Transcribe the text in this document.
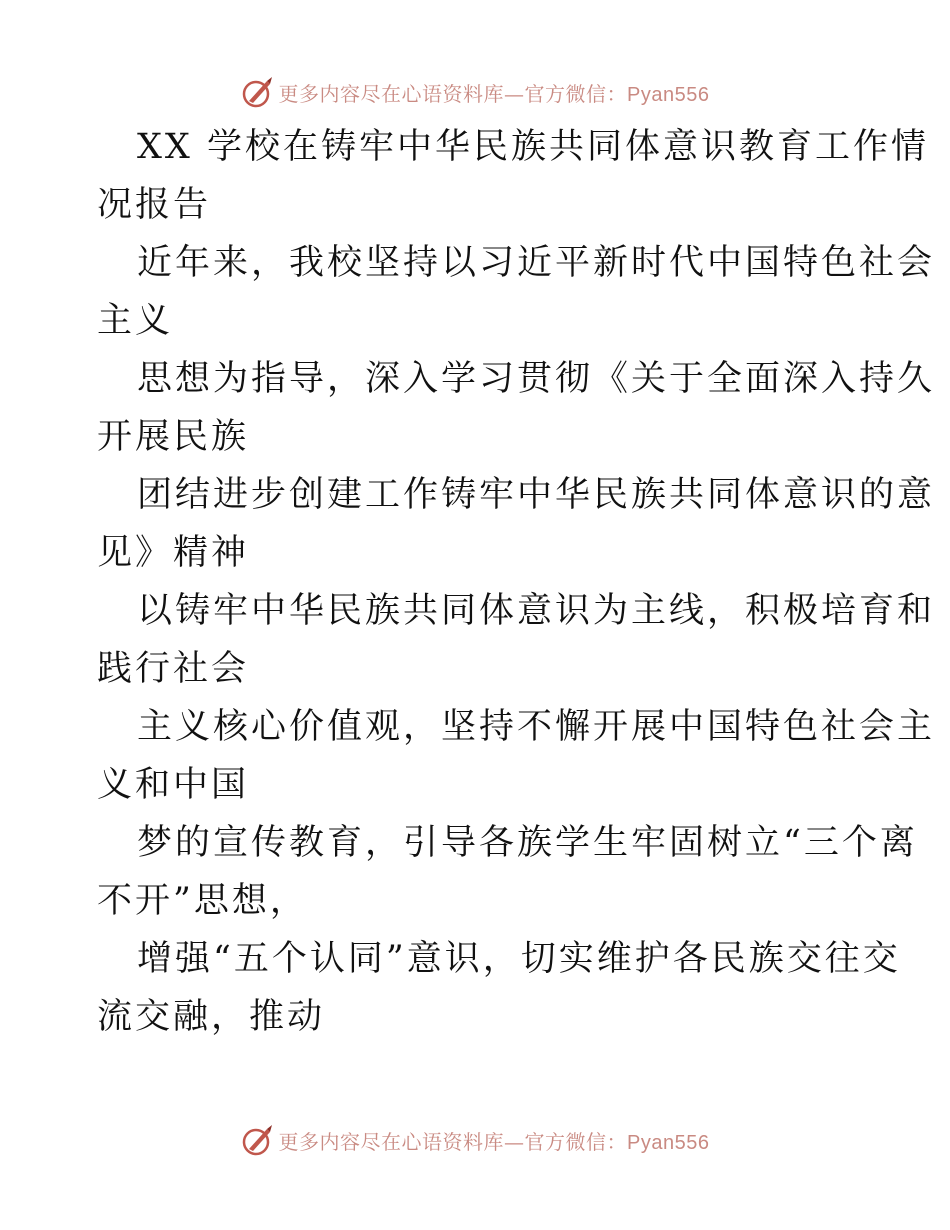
更多内容尽在心语资料库—官方微信：Pyan556
XX 学校在铸牢中华民族共同体意识教育工作情
况报告
近年来，我校坚持以习近平新时代中国特色社会
主义
思想为指导，深入学习贯彻《关于全面深入持久
开展民族
团结进步创建工作铸牢中华民族共同体意识的意
见》精神
以铸牢中华民族共同体意识为主线，积极培育和
践行社会
主义核心价值观，坚持不懈开展中国特色社会主
义和中国
梦的宣传教育，引导各族学生牢固树立“三个离
不开”思想，
增强“五个认同”意识，切实维护各民族交往交
流交融，推动
更多内容尽在心语资料库—官方微信：Pyan556
